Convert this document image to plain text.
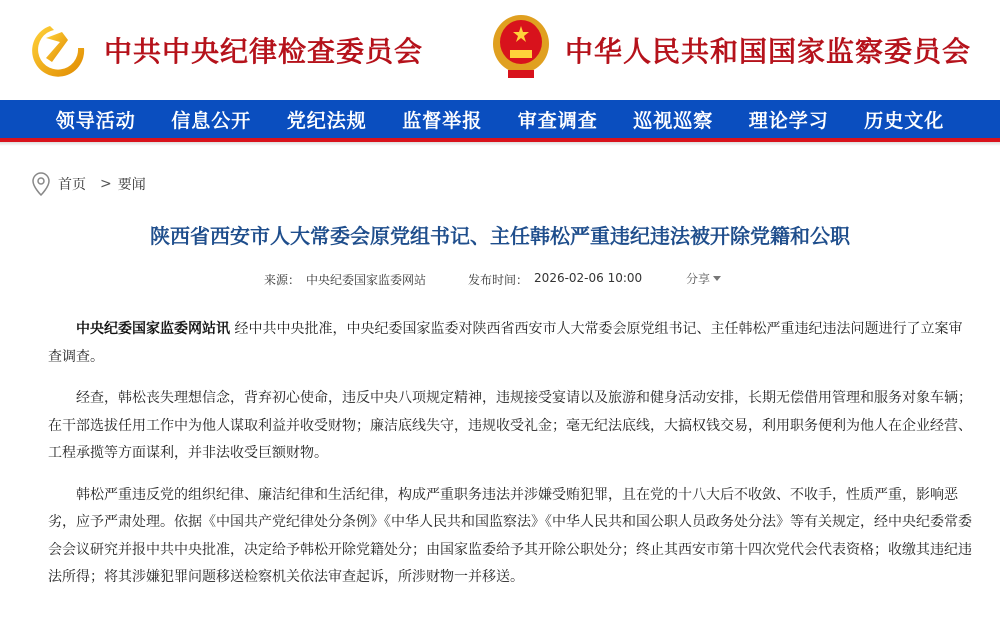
中共中央纪律检查委员会	中华人民共和国国家监察委员会
领导活动 信息公开 党纪法规 监督举报 审查调查 巡视巡察 理论学习 历史文化
首页 > 要闻
陕西省西安市人大常委会原党组书记、主任韩松严重违纪违法被开除党籍和公职
来源： 中央纪委国家监委网站	发布时间： 2026-02-06 10:00	分享

中央纪委国家监委网站讯 经中共中央批准，中央纪委国家监委对陕西省西安市人大常委会原党组书记、主任韩松严重违纪违法问题进行了立案审查调查。

经查，韩松丧失理想信念，背弃初心使命，违反中央八项规定精神，违规接受宴请以及旅游和健身活动安排，长期无偿借用管理和服务对象车辆；在干部选拔任用工作中为他人谋取利益并收受财物；廉洁底线失守，违规收受礼金；毫无纪法底线，大搞权钱交易，利用职务便利为他人在企业经营、工程承揽等方面谋利，并非法收受巨额财物。

韩松严重违反党的组织纪律、廉洁纪律和生活纪律，构成严重职务违法并涉嫌受贿犯罪，且在党的十八大后不收敛、不收手，性质严重，影响恶劣，应予严肃处理。依据《中国共产党纪律处分条例》《中华人民共和国监察法》《中华人民共和国公职人员政务处分法》等有关规定，经中央纪委常委会会议研究并报中共中央批准，决定给予韩松开除党籍处分；由国家监委给予其开除公职处分；终止其西安市第十四次党代会代表资格；收缴其违纪违法所得；将其涉嫌犯罪问题移送检察机关依法审查起诉，所涉财物一并移送。
